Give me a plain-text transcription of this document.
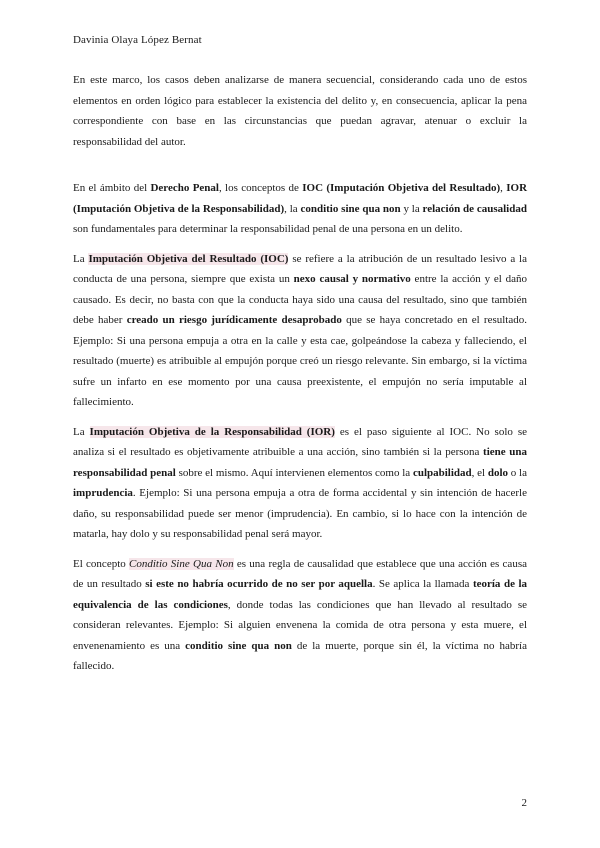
Davinia Olaya López Bernat

En este marco, los casos deben analizarse de manera secuencial, considerando cada uno de estos elementos en orden lógico para establecer la existencia del delito y, en consecuencia, aplicar la pena correspondiente con base en las circunstancias que puedan agravar, atenuar o excluir la responsabilidad del autor.

En el ámbito del Derecho Penal, los conceptos de IOC (Imputación Objetiva del Resultado), IOR (Imputación Objetiva de la Responsabilidad), la conditio sine qua non y la relación de causalidad son fundamentales para determinar la responsabilidad penal de una persona en un delito.

La Imputación Objetiva del Resultado (IOC) se refiere a la atribución de un resultado lesivo a la conducta de una persona, siempre que exista un nexo causal y normativo entre la acción y el daño causado. Es decir, no basta con que la conducta haya sido una causa del resultado, sino que también debe haber creado un riesgo jurídicamente desaprobado que se haya concretado en el resultado. Ejemplo: Si una persona empuja a otra en la calle y esta cae, golpeándose la cabeza y falleciendo, el resultado (muerte) es atribuible al empujón porque creó un riesgo relevante. Sin embargo, si la víctima sufre un infarto en ese momento por una causa preexistente, el empujón no sería imputable al fallecimiento.

La Imputación Objetiva de la Responsabilidad (IOR) es el paso siguiente al IOC. No solo se analiza si el resultado es objetivamente atribuible a una acción, sino también si la persona tiene una responsabilidad penal sobre el mismo. Aquí intervienen elementos como la culpabilidad, el dolo o la imprudencia. Ejemplo: Si una persona empuja a otra de forma accidental y sin intención de hacerle daño, su responsabilidad puede ser menor (imprudencia). En cambio, si lo hace con la intención de matarla, hay dolo y su responsabilidad penal será mayor.

El concepto Conditio Sine Qua Non es una regla de causalidad que establece que una acción es causa de un resultado si este no habría ocurrido de no ser por aquella. Se aplica la llamada teoría de la equivalencia de las condiciones, donde todas las condiciones que han llevado al resultado se consideran relevantes. Ejemplo: Si alguien envenena la comida de otra persona y esta muere, el envenenamiento es una conditio sine qua non de la muerte, porque sin él, la víctima no habría fallecido.

2
